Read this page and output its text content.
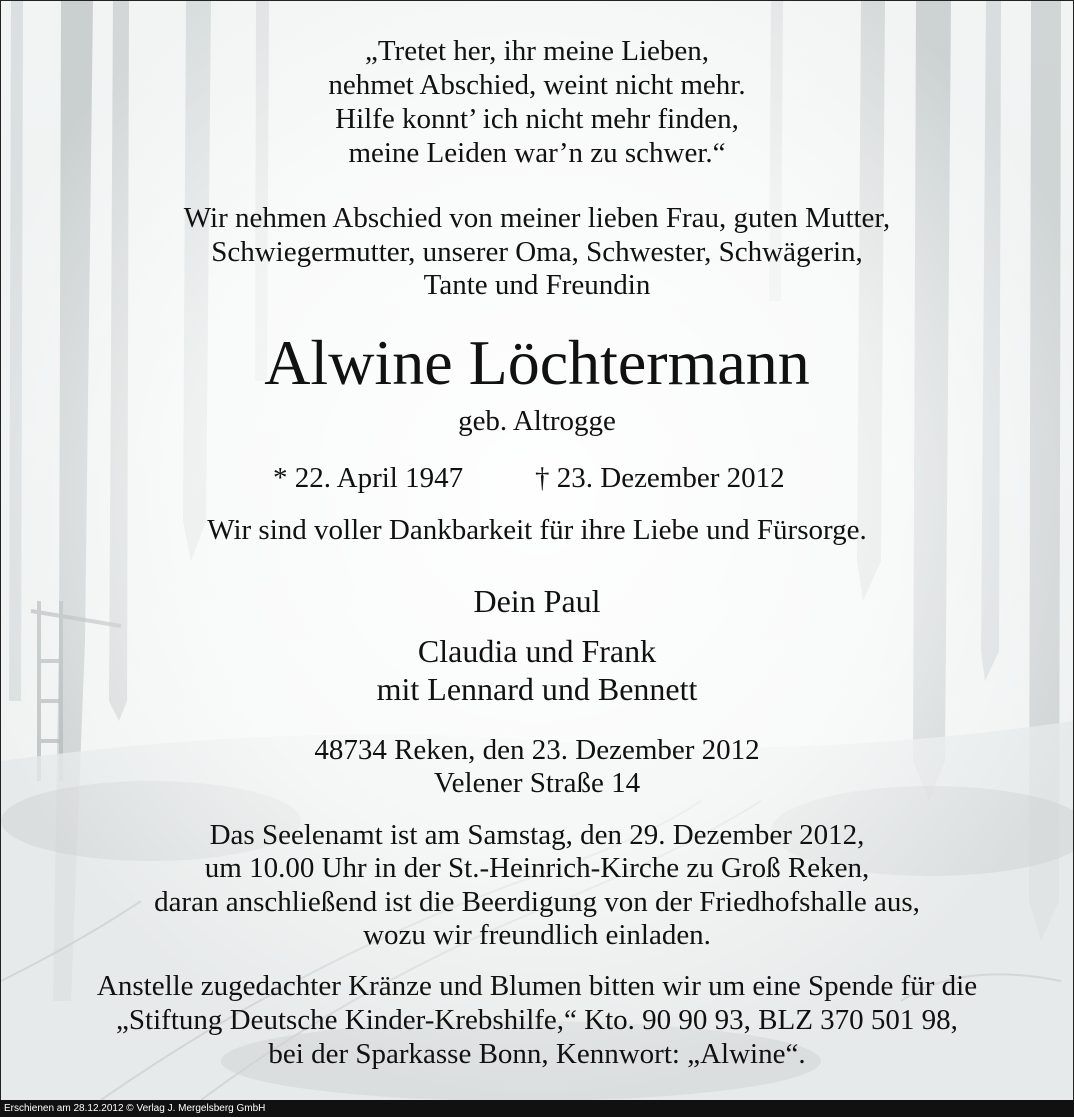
„Tretet her, ihr meine Lieben,
nehmet Abschied, weint nicht mehr.
Hilfe konnt’ ich nicht mehr finden,
meine Leiden war’n zu schwer.“
Wir nehmen Abschied von meiner lieben Frau, guten Mutter,
Schwiegermutter, unserer Oma, Schwester, Schwägerin,
Tante und Freundin
Alwine Löchtermann
geb. Altrogge
* 22. April 1947 † 23. Dezember 2012
Wir sind voller Dankbarkeit für ihre Liebe und Fürsorge.
Dein Paul
Claudia und Frank
mit Lennard und Bennett
48734 Reken, den 23. Dezember 2012
Velener Straße 14
Das Seelenamt ist am Samstag, den 29. Dezember 2012,
um 10.00 Uhr in der St.-Heinrich-Kirche zu Groß Reken,
daran anschließend ist die Beerdigung von der Friedhofshalle aus,
wozu wir freundlich einladen.
Anstelle zugedachter Kränze und Blumen bitten wir um eine Spende für die
„Stiftung Deutsche Kinder-Krebshilfe,“ Kto. 90 90 93, BLZ 370 501 98,
bei der Sparkasse Bonn, Kennwort: „Alwine“.
Erschienen am 28.12.2012 © Verlag J. Mergelsberg GmbH
